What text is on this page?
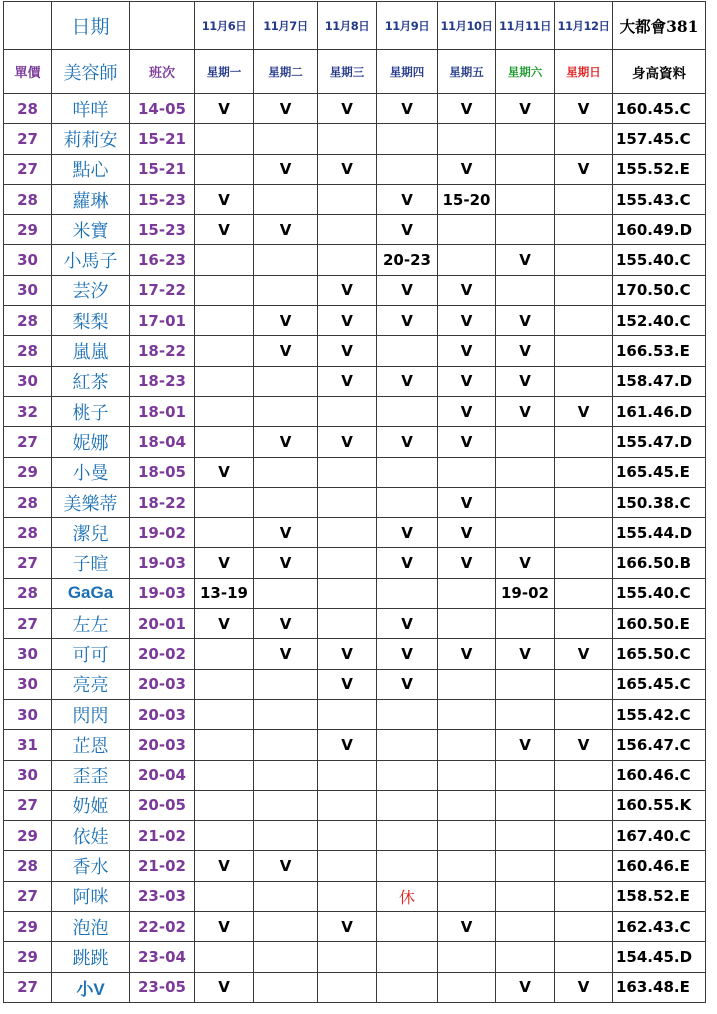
	日期		11月6日	11月7日	11月8日	11月9日	11月10日	11月11日	11月12日	大都會381
單價	美容師	班次	星期一	星期二	星期三	星期四	星期五	星期六	星期日	身高資料
28	咩咩	14-05	V	V	V	V	V	V	V	160.45.C
27	莉莉安	15-21								157.45.C
27	點心	15-21		V	V		V		V	155.52.E
28	蘿琳	15-23	V			V	15-20			155.43.C
29	米寶	15-23	V	V		V				160.49.D
30	小馬子	16-23				20-23		V		155.40.C
30	芸汐	17-22			V	V	V			170.50.C
28	梨梨	17-01		V	V	V	V	V		152.40.C
28	嵐嵐	18-22		V	V		V	V		166.53.E
30	紅茶	18-23			V	V	V	V		158.47.D
32	桃子	18-01					V	V	V	161.46.D
27	妮娜	18-04		V	V	V	V			155.47.D
29	小曼	18-05	V							165.45.E
28	美樂蒂	18-22					V			150.38.C
28	潔兒	19-02		V		V	V			155.44.D
27	子暄	19-03	V	V		V	V	V		166.50.B
28	GaGa	19-03	13-19					19-02		155.40.C
27	左左	20-01	V	V		V				160.50.E
30	可可	20-02		V	V	V	V	V	V	165.50.C
30	亮亮	20-03			V	V				165.45.C
30	閃閃	20-03								155.42.C
31	芷恩	20-03			V			V	V	156.47.C
30	歪歪	20-04								160.46.C
27	奶姬	20-05								160.55.K
29	依娃	21-02								167.40.C
28	香水	21-02	V	V						160.46.E
27	阿咪	23-03				休				158.52.E
29	泡泡	22-02	V		V		V			162.43.C
29	跳跳	23-04								154.45.D
27	小V	23-05	V					V	V	163.48.E
